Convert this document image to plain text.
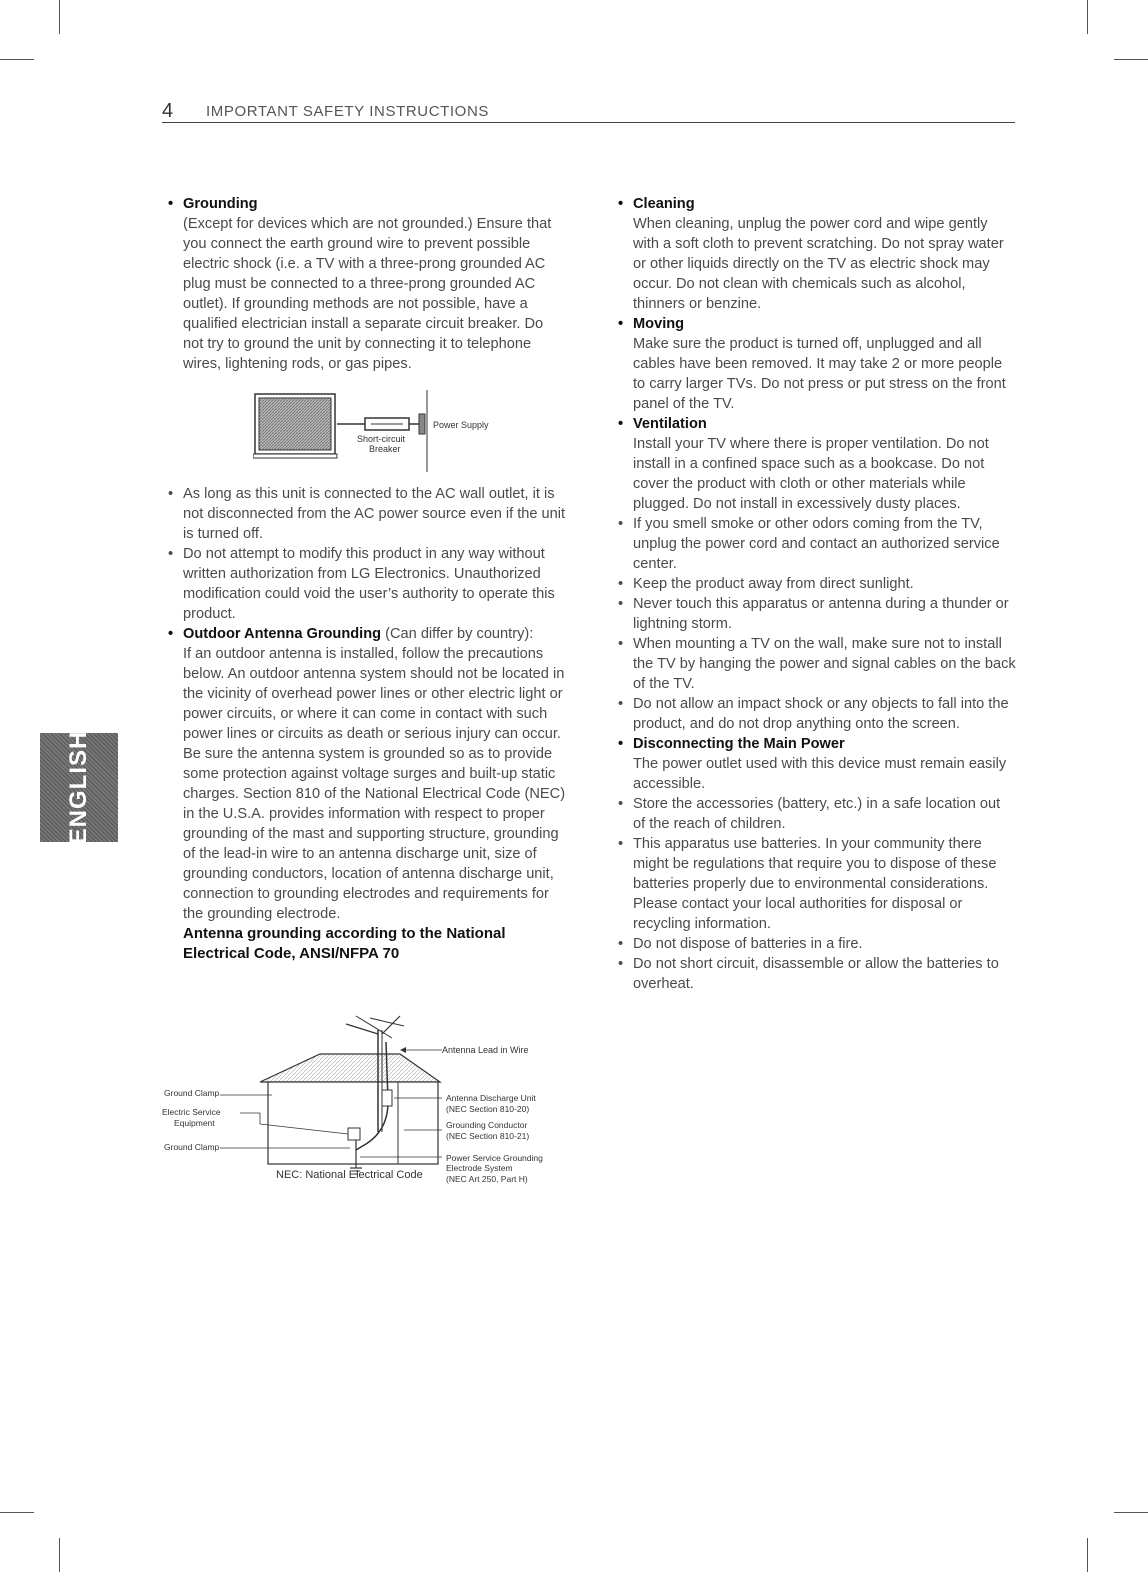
4 IMPORTANT SAFETY INSTRUCTIONS
ENGLISH
• Grounding
(Except for devices which are not grounded.) Ensure that you connect the earth ground wire to prevent possible electric shock (i.e. a TV with a three-prong grounded AC plug must be connected to a three-prong grounded AC outlet). If grounding methods are not possible, have a qualified electrician install a separate circuit breaker. Do not try to ground the unit by connecting it to telephone wires, lightening rods, or gas pipes.
Short-circuit
Breaker
Power Supply
• As long as this unit is connected to the AC wall outlet, it is not disconnected from the AC power source even if the unit is turned off.
• Do not attempt to modify this product in any way without written authorization from LG Electronics. Unauthorized modification could void the user’s authority to operate this product.
• Outdoor Antenna Grounding (Can differ by country):
If an outdoor antenna is installed, follow the precautions below. An outdoor antenna system should not be located in the vicinity of overhead power lines or other electric light or power circuits, or where it can come in contact with such power lines or circuits as death or serious injury can occur. Be sure the antenna system is grounded so as to provide some protection against voltage surges and built-up static charges. Section 810 of the National Electrical Code (NEC) in the U.S.A. provides information with respect to proper grounding of the mast and supporting structure, grounding of the lead-in wire to an antenna discharge unit, size of grounding conductors, location of antenna discharge unit, connection to grounding electrodes and requirements for the grounding electrode.
Antenna grounding according to the National Electrical Code, ANSI/NFPA 70
Antenna Lead in Wire
Ground Clamp
Electric Service
Equipment
Ground Clamp
Antenna Discharge Unit
(NEC Section 810-20)
Grounding Conductor
(NEC Section 810-21)
Power Service Grounding
Electrode System
(NEC Art 250, Part H)
NEC: National Electrical Code
• Cleaning
When cleaning, unplug the power cord and wipe gently with a soft cloth to prevent scratching. Do not spray water or other liquids directly on the TV as electric shock may occur. Do not clean with chemicals such as alcohol, thinners or benzine.
• Moving
Make sure the product is turned off, unplugged and all cables have been removed. It may take 2 or more people to carry larger TVs. Do not press or put stress on the front panel of the TV.
• Ventilation
Install your TV where there is proper ventilation. Do not install in a confined space such as a bookcase. Do not cover the product with cloth or other materials while plugged. Do not install in excessively dusty places.
• If you smell smoke or other odors coming from the TV, unplug the power cord and contact an authorized service center.
• Keep the product away from direct sunlight.
• Never touch this apparatus or antenna during a thunder or lightning storm.
• When mounting a TV on the wall, make sure not to install the TV by hanging the power and signal cables on the back of the TV.
• Do not allow an impact shock or any objects to fall into the product, and do not drop anything onto the screen.
• Disconnecting the Main Power
The power outlet used with this device must remain easily accessible.
• Store the accessories (battery, etc.) in a safe location out of the reach of children.
• This apparatus use batteries. In your community there might be regulations that require you to dispose of these batteries properly due to environmental considerations. Please contact your local authorities for disposal or recycling information.
• Do not dispose of batteries in a fire.
• Do not short circuit, disassemble or allow the batteries to overheat.
